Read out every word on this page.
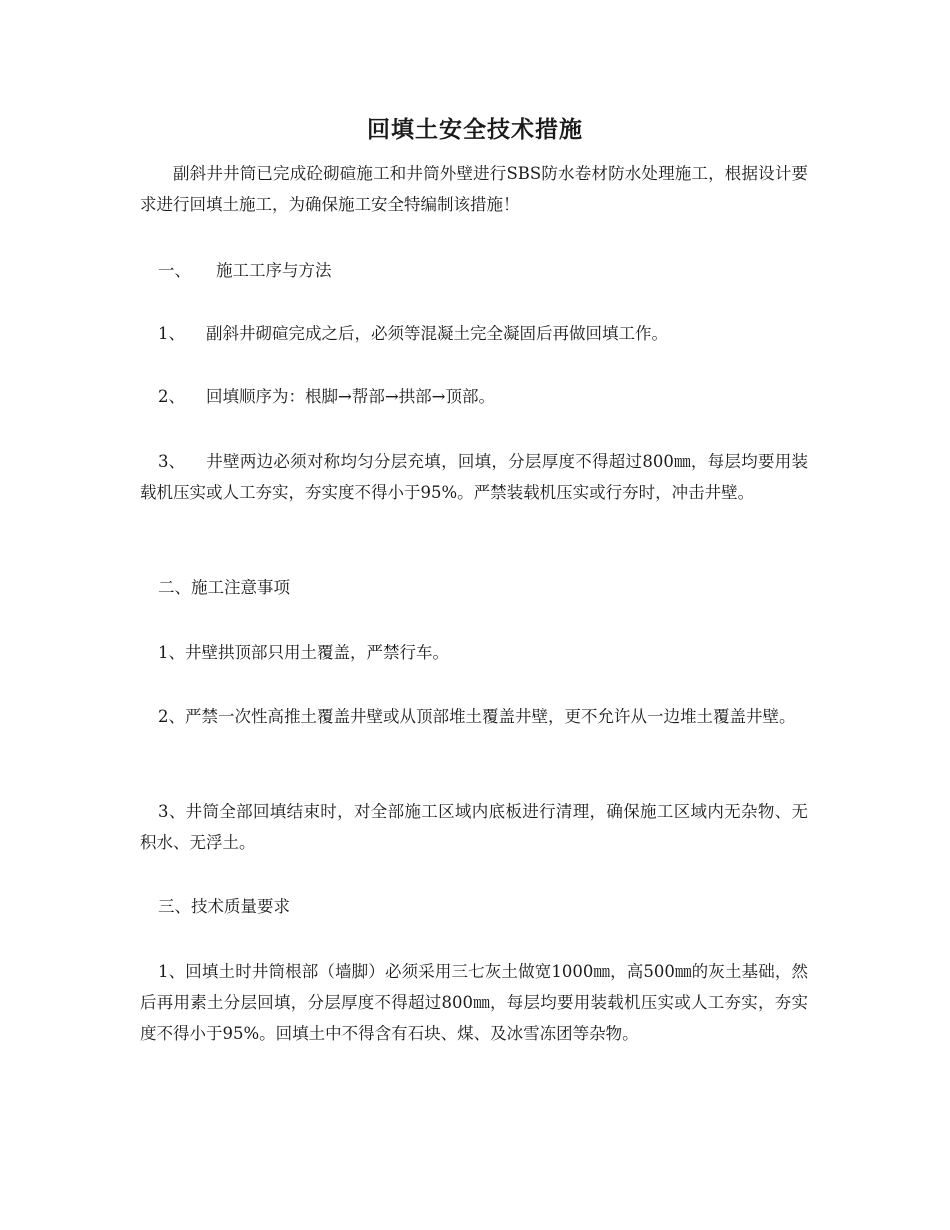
回填土安全技术措施

副斜井井筒已完成砼砌碹施工和井筒外壁进行SBS防水卷材防水处理施工，根据设计要求进行回填土施工，为确保施工安全特编制该措施！

一、 施工工序与方法
1、 副斜井砌碹完成之后，必须等混凝土完全凝固后再做回填工作。
2、 回填顺序为：根脚→帮部→拱部→顶部。
3、 井壁两边必须对称均匀分层充填，回填，分层厚度不得超过800㎜，每层均要用装载机压实或人工夯实，夯实度不得小于95%。严禁装载机压实或行夯时，冲击井壁。

二、施工注意事项

1、井壁拱顶部只用土覆盖，严禁行车。

2、严禁一次性高推土覆盖井壁或从顶部堆土覆盖井壁，更不允许从一边堆土覆盖井壁。

3、井筒全部回填结束时，对全部施工区域内底板进行清理，确保施工区域内无杂物、无积水、无浮土。

三、技术质量要求

1、回填土时井筒根部（墙脚）必须采用三七灰土做宽1000㎜，高500㎜的灰土基础，然后再用素土分层回填，分层厚度不得超过800㎜，每层均要用装载机压实或人工夯实，夯实度不得小于95%。回填土中不得含有石块、煤、及冰雪冻团等杂物。
